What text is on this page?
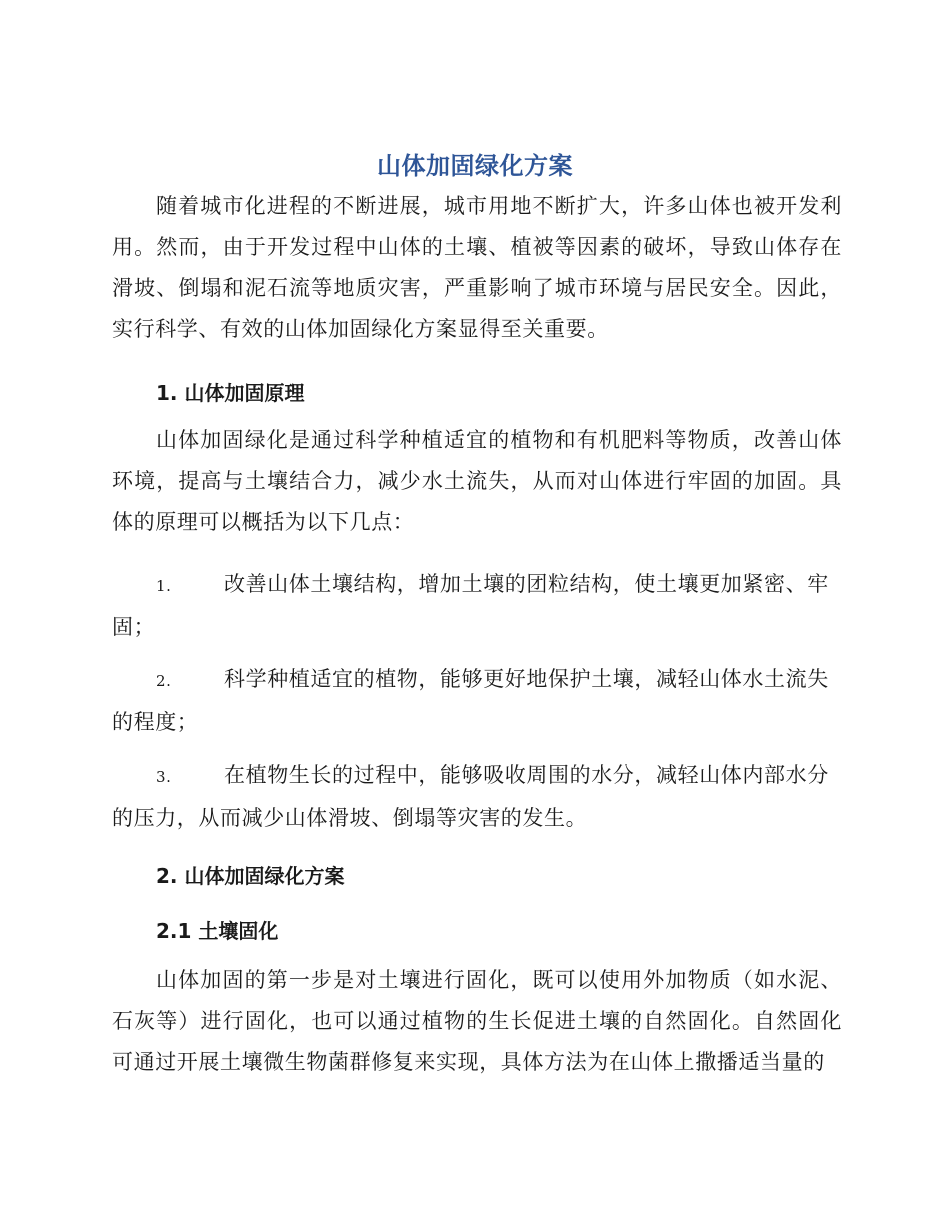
山体加固绿化方案

随着城市化进程的不断进展，城市用地不断扩大，许多山体也被开发利用。然而，由于开发过程中山体的土壤、植被等因素的破坏，导致山体存在滑坡、倒塌和泥石流等地质灾害，严重影响了城市环境与居民安全。因此，实行科学、有效的山体加固绿化方案显得至关重要。

1. 山体加固原理

山体加固绿化是通过科学种植适宜的植物和有机肥料等物质，改善山体环境，提高与土壤结合力，减少水土流失，从而对山体进行牢固的加固。具体的原理可以概括为以下几点：

1. 改善山体土壤结构，增加土壤的团粒结构，使土壤更加紧密、牢固；

2. 科学种植适宜的植物，能够更好地保护土壤，减轻山体水土流失的程度；

3. 在植物生长的过程中，能够吸收周围的水分，减轻山体内部水分的压力，从而减少山体滑坡、倒塌等灾害的发生。

2. 山体加固绿化方案
2.1 土壤固化

山体加固的第一步是对土壤进行固化，既可以使用外加物质（如水泥、石灰等）进行固化，也可以通过植物的生长促进土壤的自然固化。自然固化可通过开展土壤微生物菌群修复来实现，具体方法为在山体上撒播适当量的
